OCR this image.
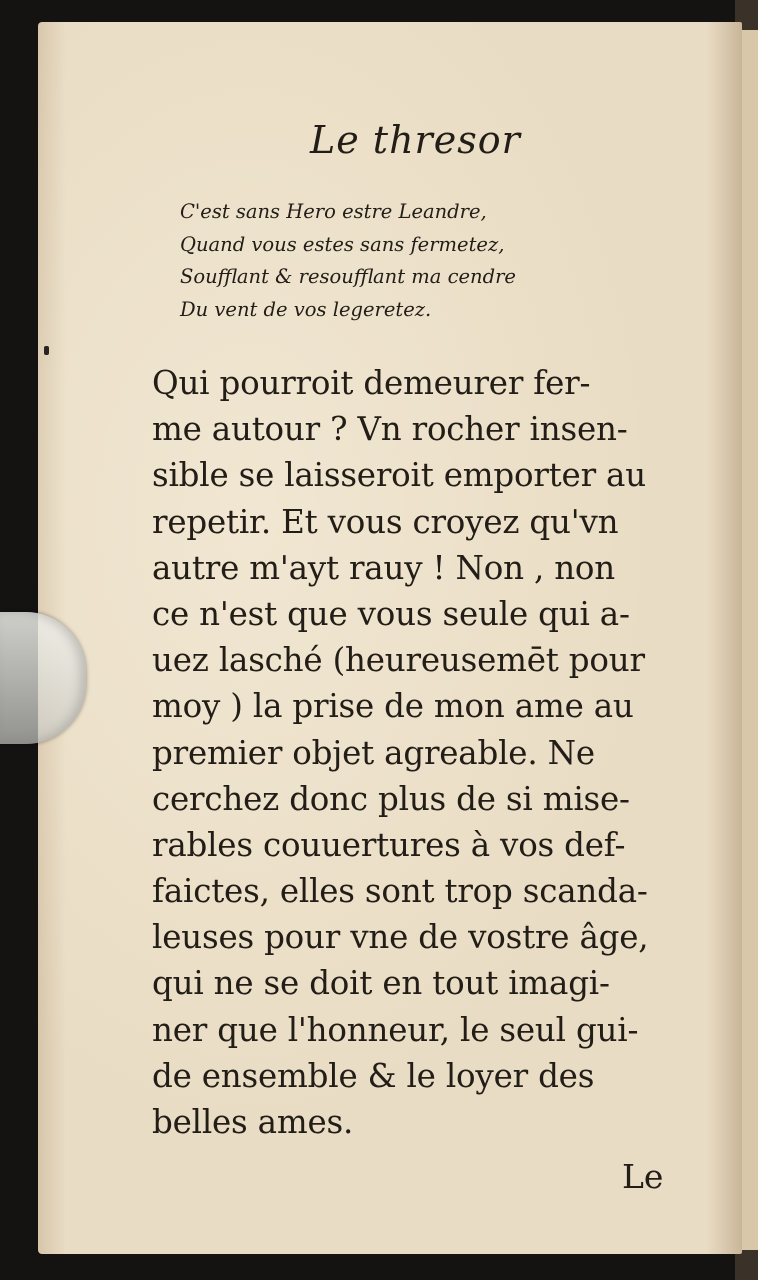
Le thresor
C'est sans Hero estre Leandre,
Quand vous estes sans fermetez,
Soufflant & resoufflant ma cendre
Du vent de vos legeretez.
Qui pourroit demeurer fer-
me autour ? Vn rocher insen-
sible se laisseroit emporter au
repetir. Et vous croyez qu'vn
autre m'ayt rauy ! Non , non
ce n'est que vous seule qui a-
uez lasché (heureusemēt pour
moy ) la prise de mon ame au
premier objet agreable. Ne
cerchez donc plus de si mise-
rables couuertures à vos def-
faictes, elles sont trop scanda-
leuses pour vne de vostre âge,
qui ne se doit en tout imagi-
ner que l'honneur, le seul gui-
de ensemble & le loyer des
belles ames.
Le
